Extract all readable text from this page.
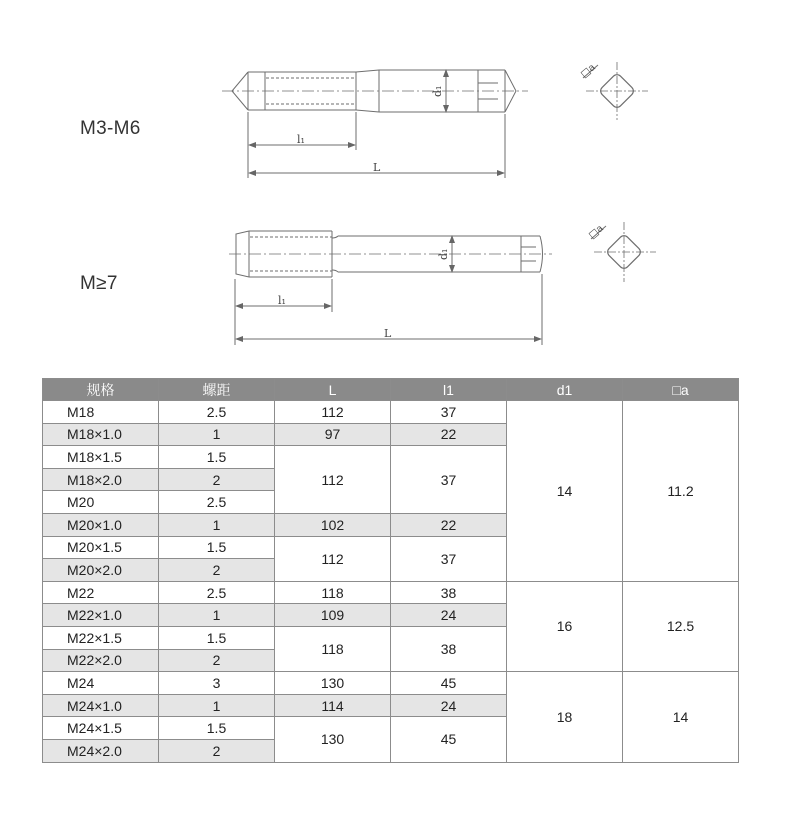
M3-M6
M≥7
l₁
L
d₁
□a
l₁
L
d₁
□a
规格	螺距	L	l1	d1	□a
M18	2.5	112	37	14	11.2
M18×1.0	1	97	22		
M18×1.5	1.5	112	37		
M18×2.0	2				
M20	2.5				
M20×1.0	1	102	22		
M20×1.5	1.5	112	37		
M20×2.0	2				
M22	2.5	118	38	16	12.5
M22×1.0	1	109	24		
M22×1.5	1.5	118	38		
M22×2.0	2				
M24	3	130	45	18	14
M24×1.0	1	114	24		
M24×1.5	1.5	130	45		
M24×2.0	2				
